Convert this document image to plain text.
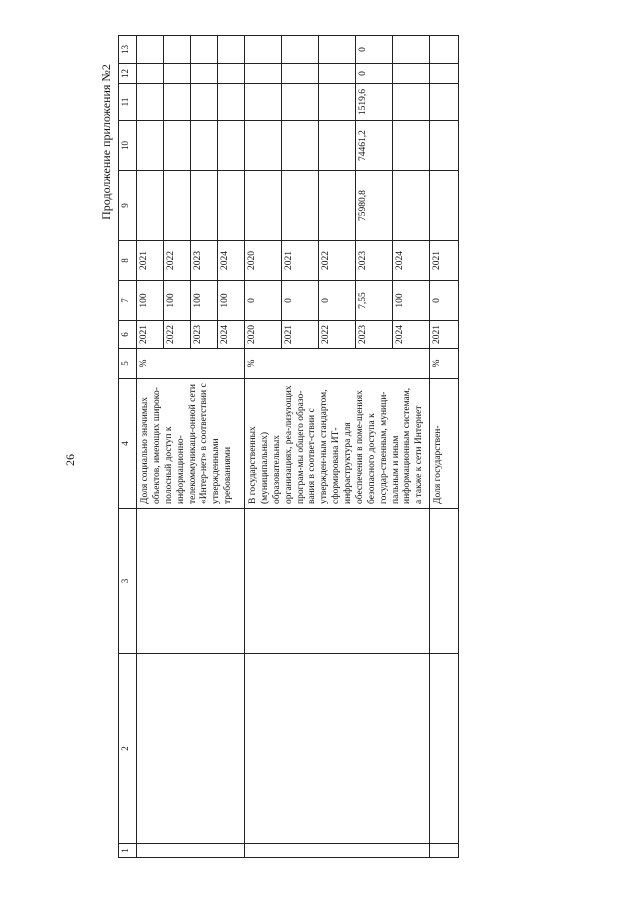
26
Продолжение приложения №2
1	2	3	4	5	6	7	8	9	10	11	12	13
			Доля социально значимых объектов, имеющих широко-полосный доступ к информационно-телекоммуникаци-онной сети «Интер-нет» в соответствии с утвержденными требованиями	%	2021	100	2021					
					2022	100	2022					
					2023	100	2023					
					2024	100	2024					
			В государственных (муниципальных) образовательных организациях, реа-лизующих програм-мы общего образо-вания в соответ-ствии с утвержден-ным стандартом, сформирована ИТ-инфраструктура для обеспечения в поме-щениях безопасного доступа к государ-ственным, муници-пальным и иным информационным системам, а также к сети Интернет	%	2020	0	2020					
					2021	0	2021					
					2022	0	2022					
					2023	7,55	2023	75980,8	74461,2	1519,6	0	0
					2024	100	2024					
			Доля государствен-	%	2021	0	2021					
